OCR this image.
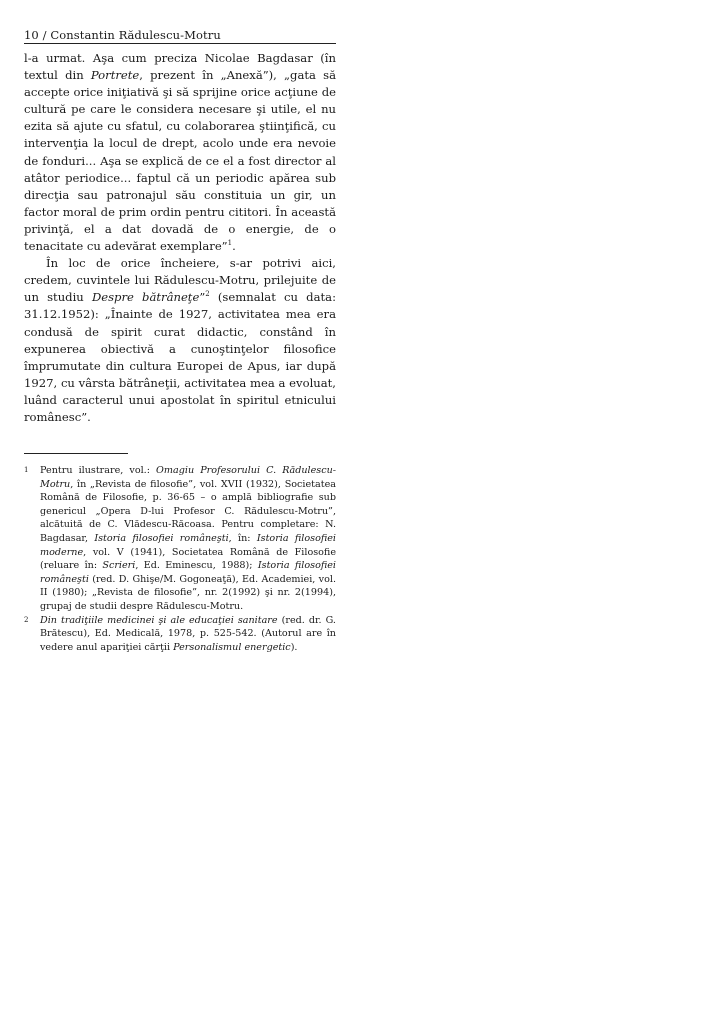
10 / Constantin Rădulescu-Motru

l-a urmat. Aşa cum preciza Nicolae Bagdasar (în textul din Portrete, prezent în „Anexă”), „gata să accepte orice iniţiativă şi să sprijine orice acţiune de cultură pe care le considera necesare şi utile, el nu ezita să ajute cu sfatul, cu colaborarea ştiinţifică, cu intervenţia la locul de drept, acolo unde era nevoie de fonduri... Aşa se explică de ce el a fost director al atâtor periodice... faptul că un periodic apărea sub direcţia sau patronajul său constituia un gir, un factor moral de prim ordin pentru cititori. În această privinţă, el a dat dovadă de o energie, de o tenacitate cu adevărat exemplare”$^1$.

În loc de orice încheiere, s-ar potrivi aici, credem, cuvintele lui Rădulescu-Motru, prilejuite de un studiu Despre bătrâneţe”$^2$ (semnalat cu data: 31.12.1952): „Înainte de 1927, activitatea mea era condusă de spirit curat didactic, constând în expunerea obiectivă a cunoştinţelor filosofice împrumutate din cultura Europei de Apus, iar după 1927, cu vârsta bătrâneţii, activitatea mea a evoluat, luând caracterul unui apostolat în spiritul etnicului românesc”.

1	Pentru ilustrare, vol.: Omagiu Profesorului C. Rădulescu-Motru, în „Revista de filosofie”, vol. XVII (1932), Societatea Română de Filosofie, p. 36-65 – o amplă bibliografie sub genericul „Opera D-lui Profesor C. Rădulescu-Motru”, alcătuită de C. Vlădescu-Răcoasa. Pentru completare: N. Bagdasar, Istoria filosofiei româneşti, în: Istoria filosofiei moderne, vol. V (1941), Societatea Română de Filosofie (reluare în: Scrieri, Ed. Eminescu, 1988); Istoria filosofiei româneşti (red. D. Ghişe/M. Gogoneaţă), Ed. Academiei, vol. II (1980); „Revista de filosofie”, nr. 2(1992) şi nr. 2(1994), grupaj de studii despre Rădulescu-Motru.
2	Din tradiţiile medicinei şi ale educaţiei sanitare (red. dr. G. Brătescu), Ed. Medicală, 1978, p. 525-542. (Autorul are în vedere anul apariţiei cărţii Personalismul energetic).
